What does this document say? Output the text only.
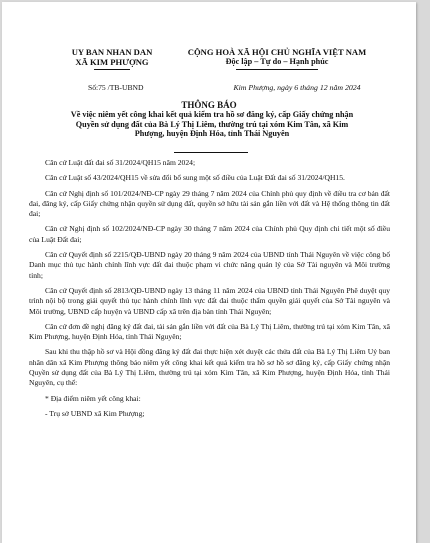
UY BAN NHAN DAN
XÃ KIM PHƯỢNG
Số:75 /TB-UBND
CỘNG HOÀ XÃ HỘI CHỦ NGHĨA VIỆT NAM
Độc lập – Tự do – Hạnh phúc
Kim Phượng, ngày 6 tháng 12 năm 2024
THÔNG BÁO
Về việc niêm yết công khai kết quả kiểm tra hồ sơ đăng ký, cấp Giấy chứng nhận Quyền sử dụng đất của Bà Lý Thị Liêm, thường trú tại xóm Kim Tân, xã Kim Phượng, huyện Định Hóa, tỉnh Thái Nguyên

Căn cứ Luật đất đai số 31/2024/QH15 năm 2024;

Căn cứ Luật số 43/2024/QH15 về sửa đổi bổ sung một số điều của Luật Đất đai số 31/2024/QH15.

Căn cứ Nghị định số 101/2024/NĐ-CP ngày 29 tháng 7 năm 2024 của Chính phủ quy định về điều tra cơ bản đất đai, đăng ký, cấp Giấy chứng nhận quyền sử dụng đất, quyền sở hữu tài sản gắn liền với đất và Hệ thống thông tin đất đai;

Căn cứ Nghị định số 102/2024/NĐ-CP ngày 30 tháng 7 năm 2024 của Chính phủ Quy định chi tiết một số điều của Luật Đất đai;

Căn cứ Quyết định số 2215/QĐ-UBND ngày 20 tháng 9 năm 2024 của UBND tỉnh Thái Nguyên về việc công bố Danh mục thủ tục hành chính lĩnh vực đất đai thuộc phạm vi chức năng quản lý của Sở Tài nguyên và Môi trường tỉnh;

Căn cứ Quyết định số 2813/QĐ-UBND ngày 13 tháng 11 năm 2024 của UBND tỉnh Thái Nguyên Phê duyệt quy trình nội bộ trong giải quyết thủ tục hành chính lĩnh vực đất đai thuộc thẩm quyền giải quyết của Sở Tài nguyên và Môi trường, UBND cấp huyện và UBND cấp xã trên địa bàn tỉnh Thái Nguyên;

Căn cứ đơn đề nghị đăng ký đất đai, tài sản gắn liền với đất của Bà Lý Thị Liêm, thường trú tại xóm Kim Tân, xã Kim Phượng, huyện Định Hóa, tỉnh Thái Nguyên;

Sau khi thu thập hồ sơ và Hội đồng đăng ký đất đai thực hiện xét duyệt các thửa đất của Bà Lý Thị Liêm Uỷ ban nhân dân xã Kim Phượng thông báo niêm yết công khai kết quả kiểm tra hồ sơ hồ sơ đăng ký, cấp Giấy chứng nhận Quyền sử dụng đất của Bà Lý Thị Liêm, thường trú tại xóm Kim Tân, xã Kim Phượng, huyện Định Hóa, tỉnh Thái Nguyên, cụ thể:

* Địa điểm niêm yết công khai:

- Trụ sở UBND xã Kim Phượng;
